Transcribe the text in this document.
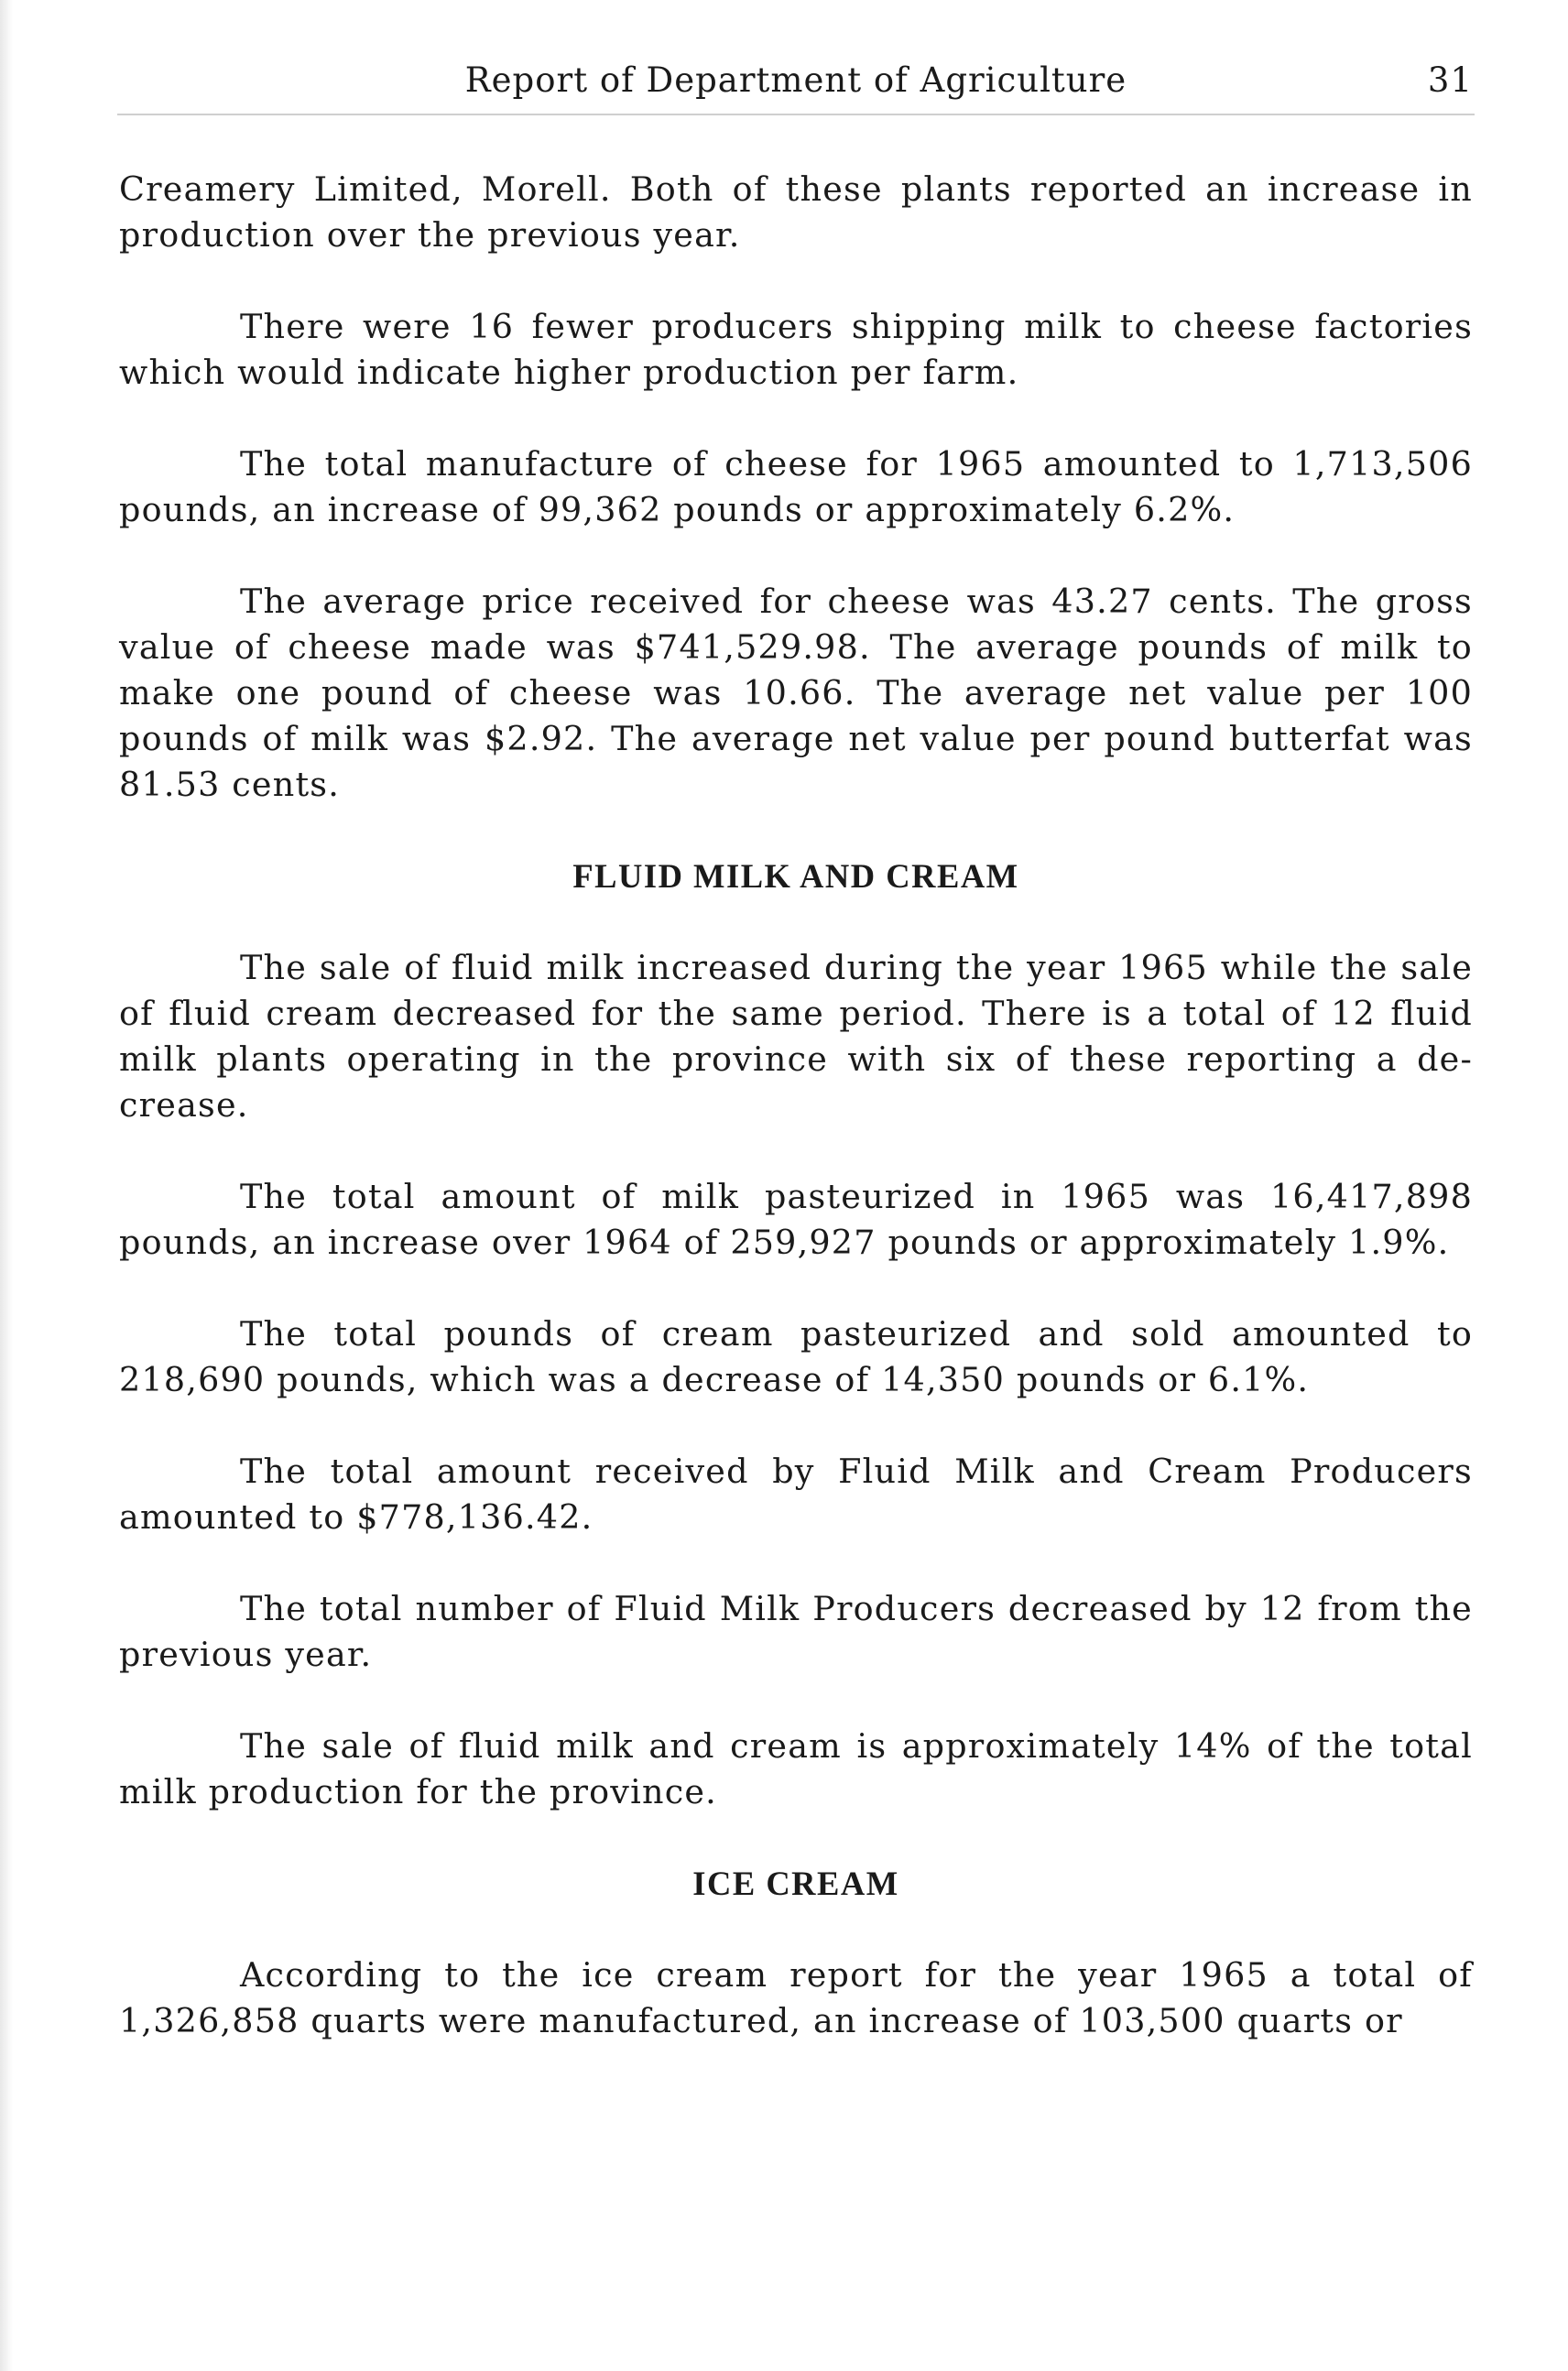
Report of Department of Agriculture	31

Creamery Limited, Morell. Both of these plants reported an increase in production over the previous year.

There were 16 fewer producers shipping milk to cheese factories which would indicate higher production per farm.

The total manufacture of cheese for 1965 amounted to 1,713,506 pounds, an increase of 99,362 pounds or approximately 6.2%.

The average price received for cheese was 43.27 cents. The gross value of cheese made was $741,529.98. The average pounds of milk to make one pound of cheese was 10.66. The average net value per 100 pounds of milk was $2.92. The average net value per pound butterfat was 81.53 cents.

FLUID MILK AND CREAM

The sale of fluid milk increased during the year 1965 while the sale of fluid cream decreased for the same period. There is a total of 12 fluid milk plants operating in the province with six of these reporting a de-crease.

The total amount of milk pasteurized in 1965 was 16,417,898 pounds, an increase over 1964 of 259,927 pounds or approximately 1.9%.

The total pounds of cream pasteurized and sold amounted to 218,690 pounds, which was a decrease of 14,350 pounds or 6.1%.

The total amount received by Fluid Milk and Cream Producers amounted to $778,136.42.

The total number of Fluid Milk Producers decreased by 12 from the previous year.

The sale of fluid milk and cream is approximately 14% of the total milk production for the province.

ICE CREAM

According to the ice cream report for the year 1965 a total of 1,326,858 quarts were manufactured, an increase of 103,500 quarts or
